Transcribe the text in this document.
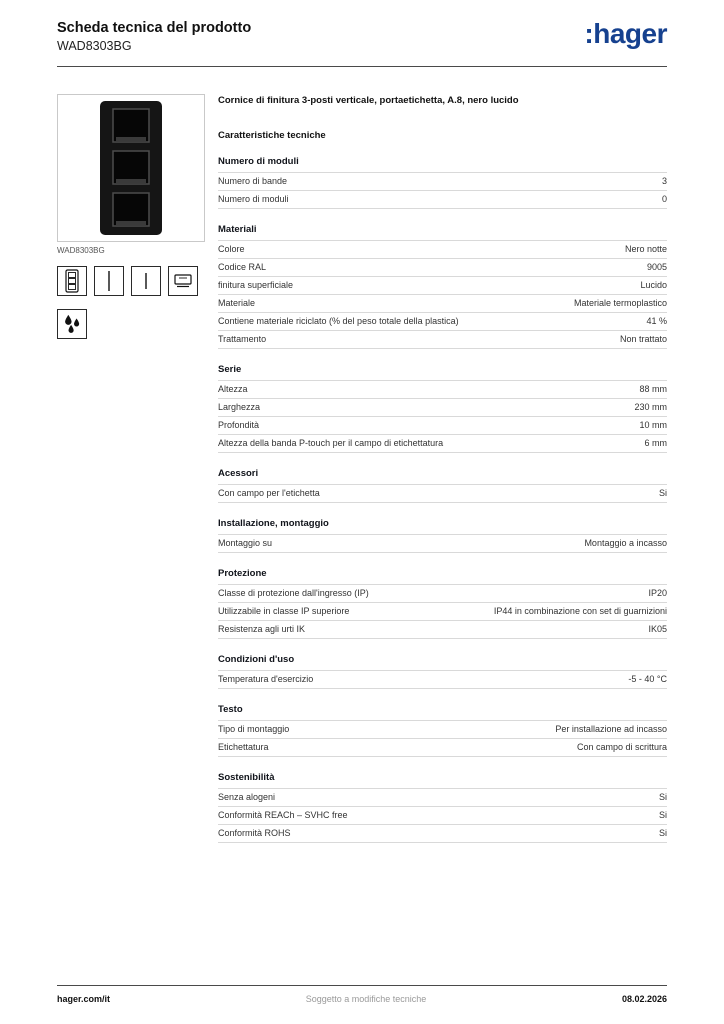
Scheda tecnica del prodotto
WAD8303BG	:hager
WAD8303BG
Cornice di finitura 3-posti verticale, portaetichetta, A.8, nero lucido
Caratteristiche tecniche
Numero di moduli
Numero di bande	3
Numero di moduli	0
Materiali
Colore	Nero notte
Codice RAL	9005
finitura superficiale	Lucido
Materiale	Materiale termoplastico
Contiene materiale riciclato (% del peso totale della plastica)	41 %
Trattamento	Non trattato
Serie
Altezza	88 mm
Larghezza	230 mm
Profondità	10 mm
Altezza della banda P-touch per il campo di etichettatura	6 mm
Acessori
Con campo per l'etichetta	Si
Installazione, montaggio
Montaggio su	Montaggio a incasso
Protezione
Classe di protezione dall'ingresso (IP)	IP20
Utilizzabile in classe IP superiore	IP44 in combinazione con set di guarnizioni
Resistenza agli urti IK	IK05
Condizioni d'uso
Temperatura d'esercizio	-5 - 40 °C
Testo
Tipo di montaggio	Per installazione ad incasso
Etichettatura	Con campo di scrittura
Sostenibilità
Senza alogeni	Si
Conformità REACh – SVHC free	Si
Conformità ROHS	Si
hager.com/it	Soggetto a modifiche tecniche	08.02.2026
